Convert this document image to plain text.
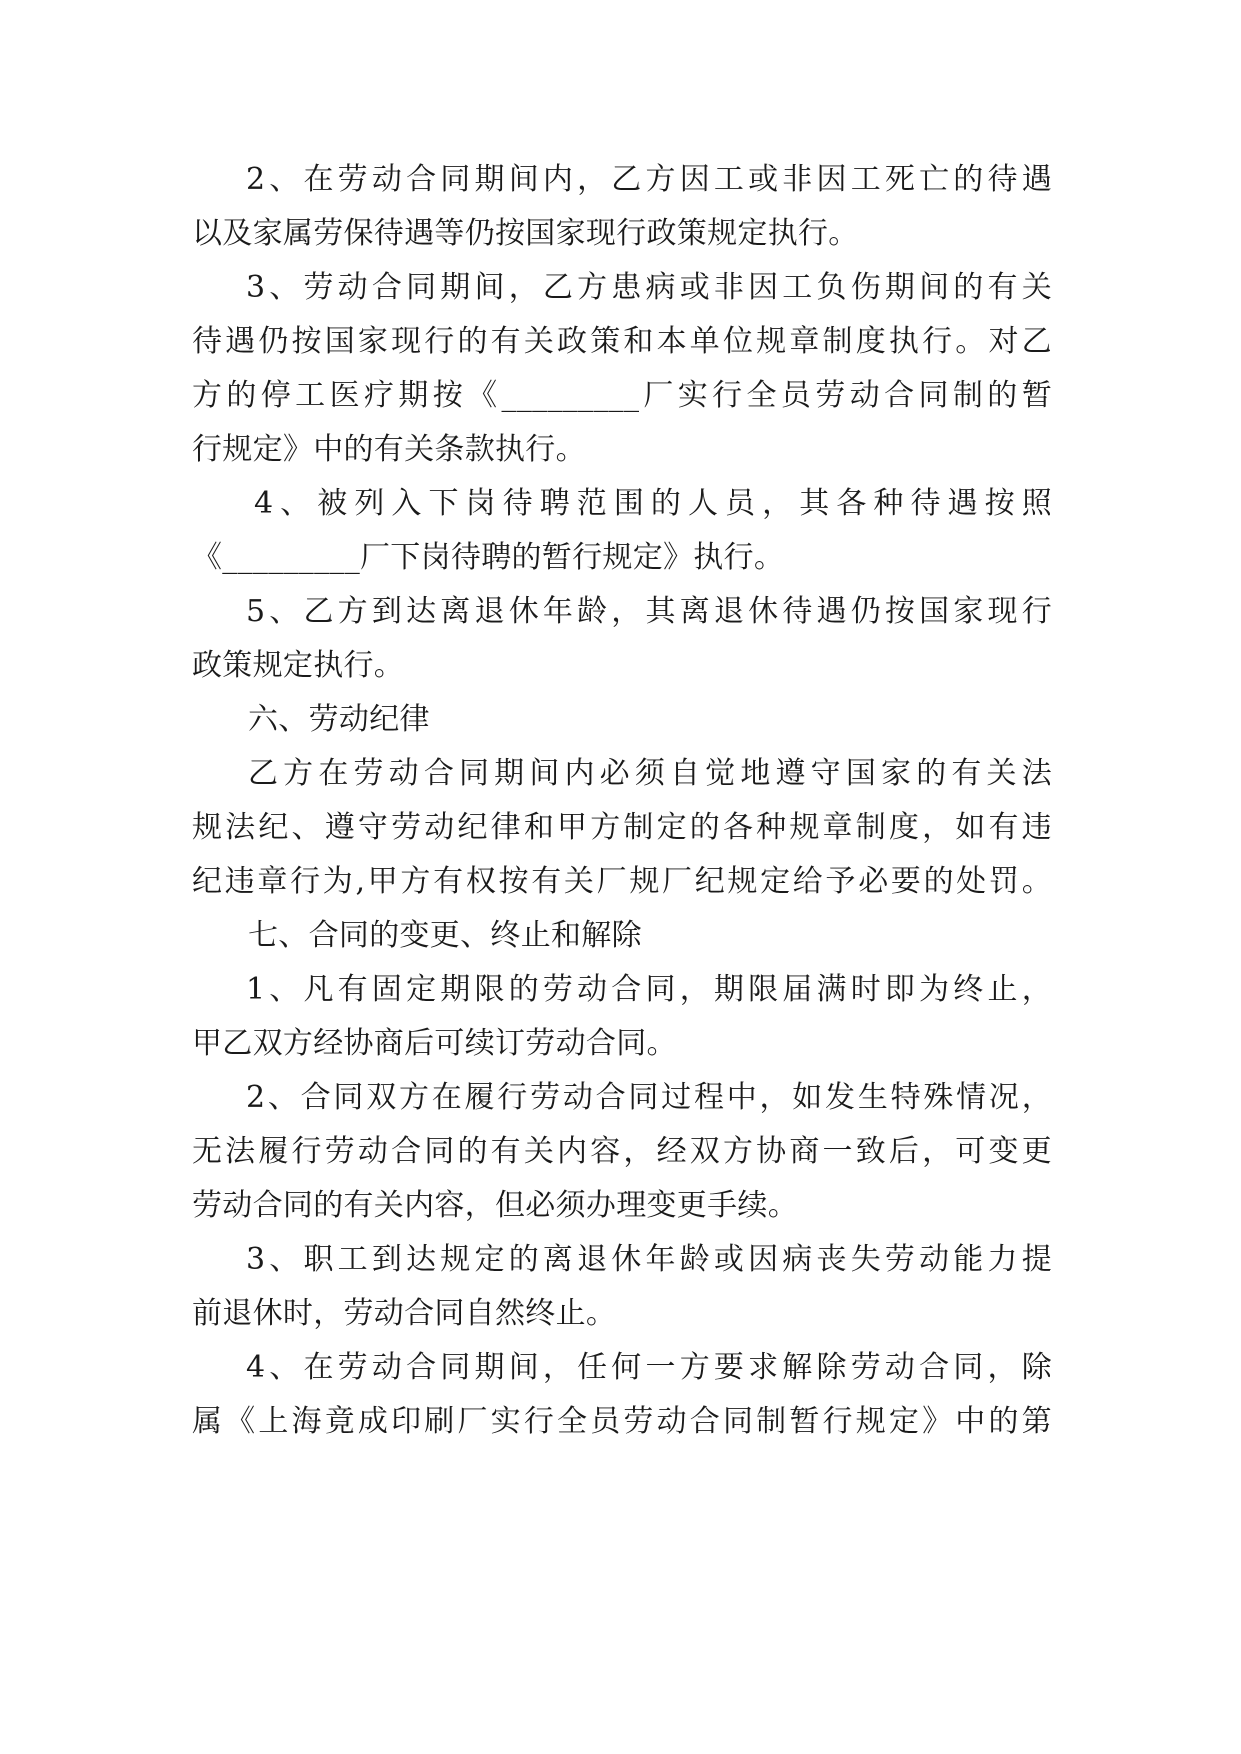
2、在劳动合同期间内，乙方因工或非因工死亡的待遇
以及家属劳保待遇等仍按国家现行政策规定执行。
3、劳动合同期间，乙方患病或非因工负伤期间的有关
待遇仍按国家现行的有关政策和本单位规章制度执行。对乙
方的停工医疗期按《_________厂实行全员劳动合同制的暂
行规定》中的有关条款执行。
4、被列入下岗待聘范围的人员，其各种待遇按照
《_________厂下岗待聘的暂行规定》执行。
5、乙方到达离退休年龄，其离退休待遇仍按国家现行
政策规定执行。
六、劳动纪律
乙方在劳动合同期间内必须自觉地遵守国家的有关法
规法纪、遵守劳动纪律和甲方制定的各种规章制度，如有违
纪违章行为,甲方有权按有关厂规厂纪规定给予必要的处罚。
七、合同的变更、终止和解除
1、凡有固定期限的劳动合同，期限届满时即为终止，
甲乙双方经协商后可续订劳动合同。
2、合同双方在履行劳动合同过程中，如发生特殊情况，
无法履行劳动合同的有关内容，经双方协商一致后，可变更
劳动合同的有关内容，但必须办理变更手续。
3、职工到达规定的离退休年龄或因病丧失劳动能力提
前退休时，劳动合同自然终止。
4、在劳动合同期间，任何一方要求解除劳动合同，除
属《上海竟成印刷厂实行全员劳动合同制暂行规定》中的第
